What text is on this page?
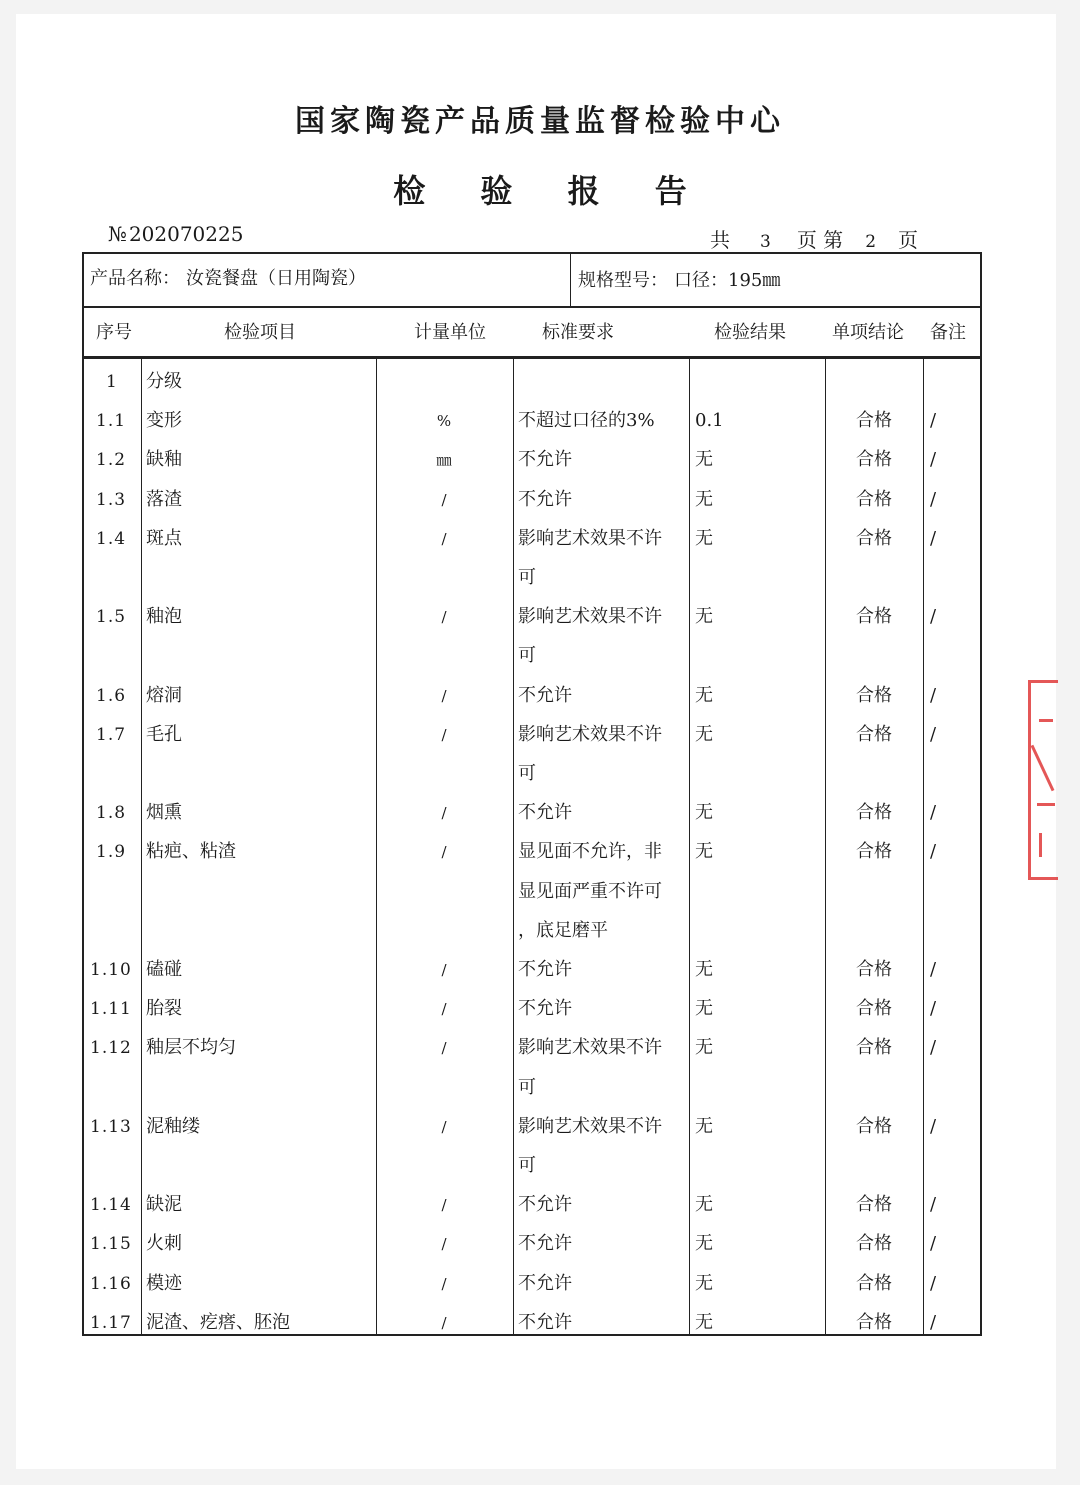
国家陶瓷产品质量监督检验中心
检 验 报 告
№ 202070225	共 3 页 第 2 页
产品名称： 汝瓷餐盘（日用陶瓷）	规格型号： 口径：195㎜
序号	检验项目	计量单位	标准要求	检验结果	单项结论 备注
1 分级
1.1 变形	%	不超过口径的3% 0.1	合格 /
1.2 缺釉	㎜	不允许	无	合格 /
1.3 落渣	/	不允许	无	合格 /
1.4 斑点	/	影响艺术效果不许
可
无	合格 /
1.5 釉泡	/	影响艺术效果不许
可
无	合格 /
1.6 熔洞	/	不允许	无	合格 /
1.7 毛孔	/	影响艺术效果不许
可
无	合格 /
1.8 烟熏	/	不允许	无	合格 /
1.9 粘疤、粘渣	/	显见面不允许，非
显见面严重不许可
，底足磨平
无	合格 /
1.10 磕碰	/	不允许	无	合格 /
1.11 胎裂	/	不允许	无	合格 /
1.12 釉层不均匀	/	影响艺术效果不许
可
无	合格 /
1.13 泥釉缕	/	影响艺术效果不许
可
无	合格 /
1.14 缺泥	/	不允许	无	合格 /
1.15 火刺	/	不允许	无	合格 /
1.16 模迹	/	不允许	无	合格 /
1.17 泥渣、疙瘩、胚泡	/	不允许	无	合格 /
